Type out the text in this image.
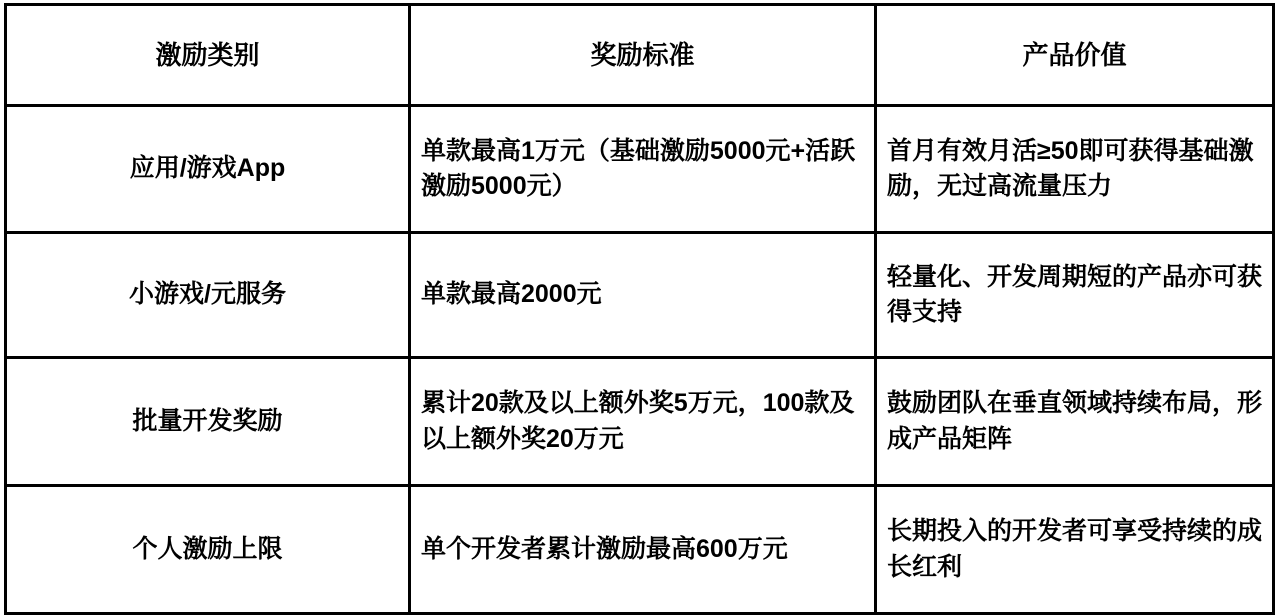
激励类别	奖励标准	产品价值
应用/游戏App	单款最高1万元（基础激励5000元+活跃激励5000元）	首月有效月活≥50即可获得基础激励，无过高流量压力
小游戏/元服务	单款最高2000元	轻量化、开发周期短的产品亦可获得支持
批量开发奖励	累计20款及以上额外奖5万元，100款及以上额外奖20万元	鼓励团队在垂直领域持续布局，形成产品矩阵
个人激励上限	单个开发者累计激励最高600万元	长期投入的开发者可享受持续的成长红利
